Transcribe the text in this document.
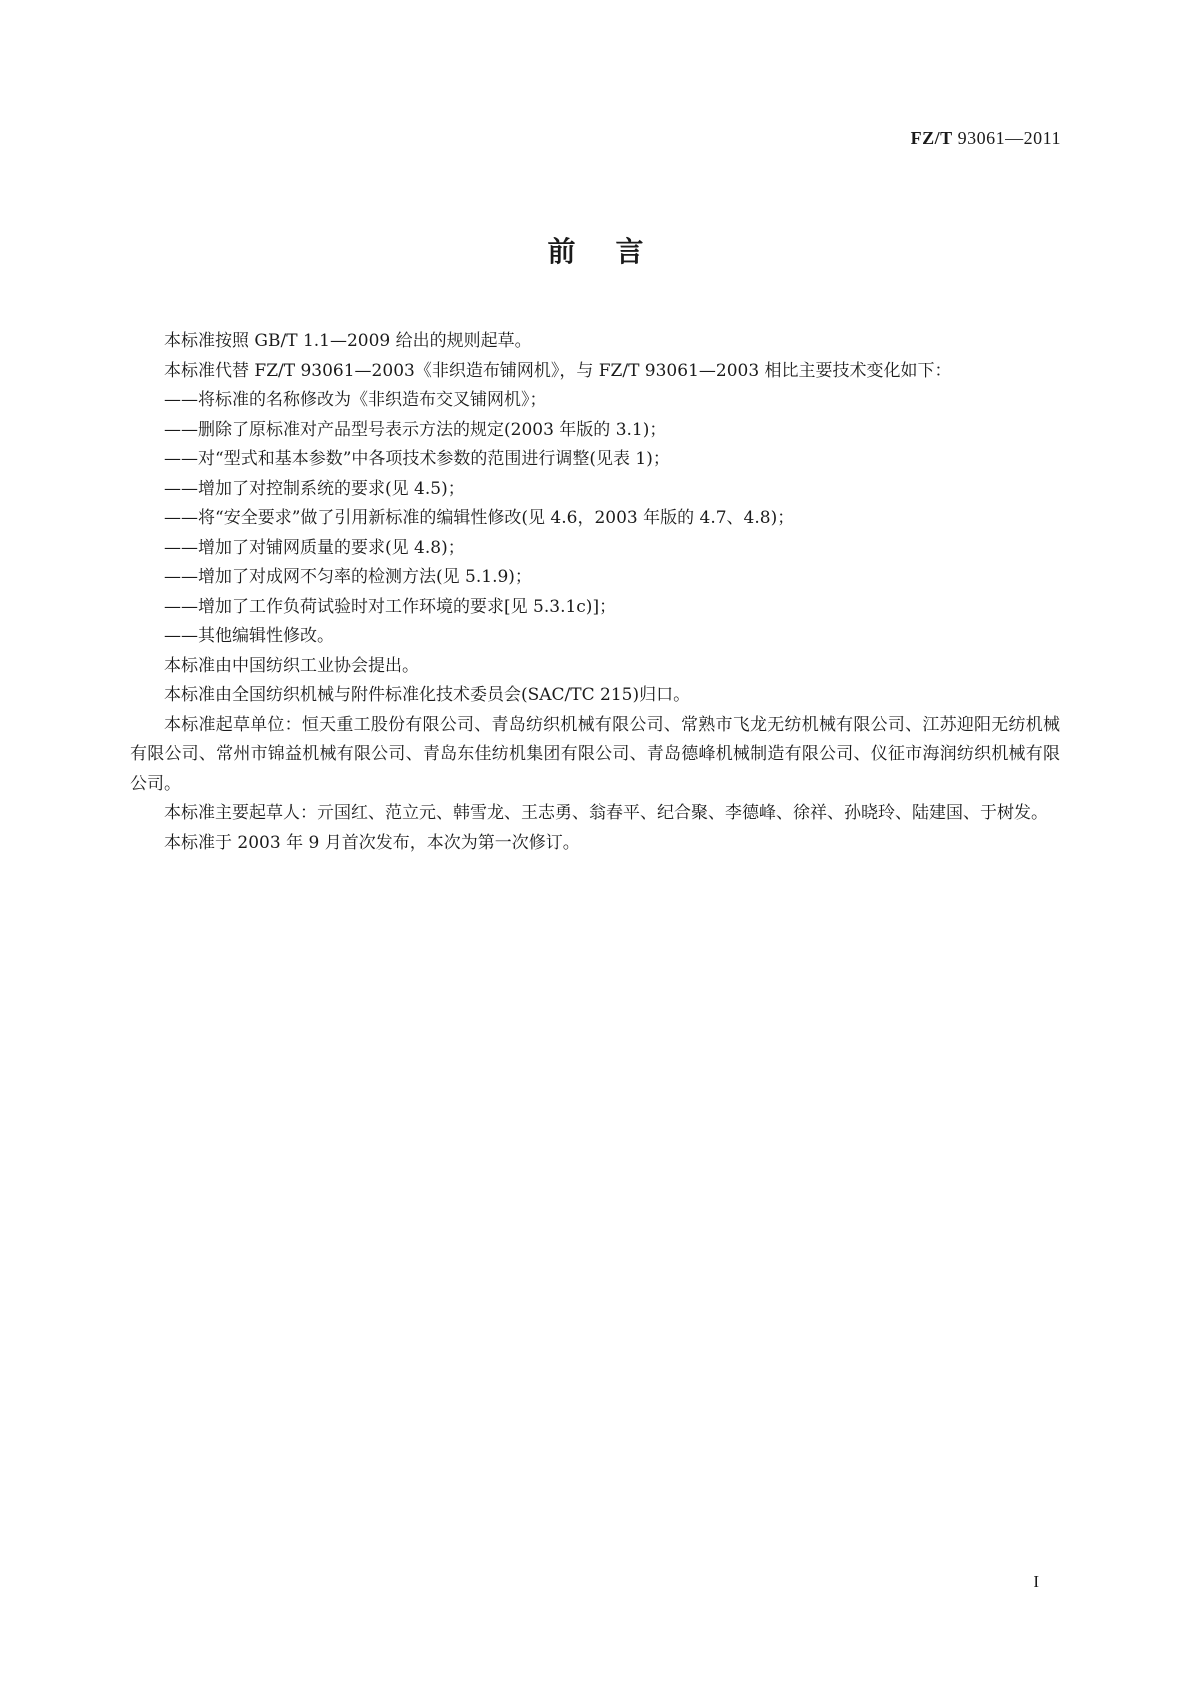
FZ/T 93061—2011
前言

本标准按照 GB/T 1.1—2009 给出的规则起草。

本标准代替 FZ/T 93061—2003《非织造布铺网机》，与 FZ/T 93061—2003 相比主要技术变化如下：

——将标准的名称修改为《非织造布交叉铺网机》；

——删除了原标准对产品型号表示方法的规定(2003 年版的 3.1)；

——对“型式和基本参数”中各项技术参数的范围进行调整(见表 1)；

——增加了对控制系统的要求(见 4.5)；

——将“安全要求”做了引用新标准的编辑性修改(见 4.6，2003 年版的 4.7、4.8)；

——增加了对铺网质量的要求(见 4.8)；

——增加了对成网不匀率的检测方法(见 5.1.9)；

——增加了工作负荷试验时对工作环境的要求[见 5.3.1c)]；

——其他编辑性修改。

本标准由中国纺织工业协会提出。

本标准由全国纺织机械与附件标准化技术委员会(SAC/TC 215)归口。

本标准起草单位：恒天重工股份有限公司、青岛纺织机械有限公司、常熟市飞龙无纺机械有限公司、江苏迎阳无纺机械有限公司、常州市锦益机械有限公司、青岛东佳纺机集团有限公司、青岛德峰机械制造有限公司、仪征市海润纺织机械有限公司。

本标准主要起草人：亓国红、范立元、韩雪龙、王志勇、翁春平、纪合聚、李德峰、徐祥、孙晓玲、陆建国、于树发。

本标准于 2003 年 9 月首次发布，本次为第一次修订。

I
